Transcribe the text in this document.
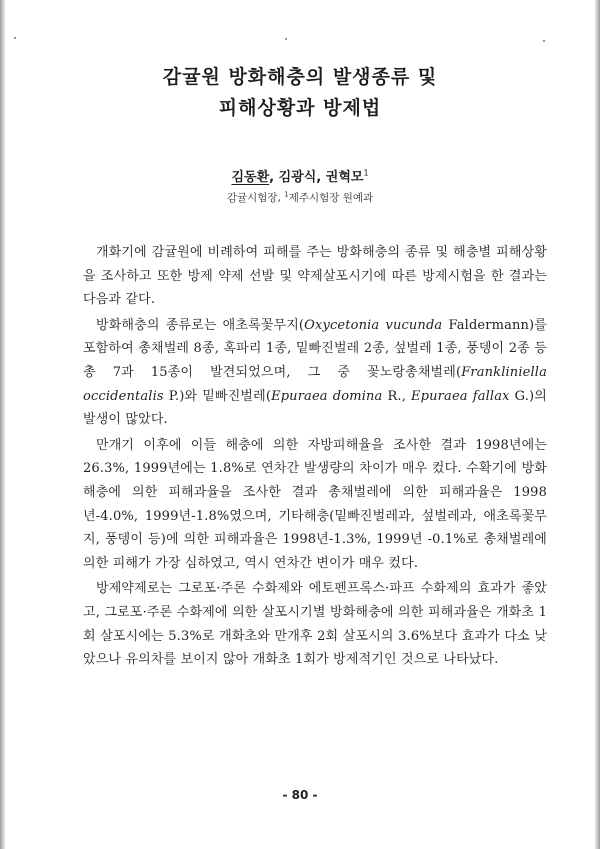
감귤원 방화해충의 발생종류 및
피해상황과 방제법
김동환, 김광식, 권혁모$^1$
감귤시험장, $^1$제주시험장 원예과

개화기에 감귤원에 비례하여 피해를 주는 방화해충의 종류 및 해충별 피해상황을 조사하고 또한 방제 약제 선발 및 약제살포시기에 따른 방제시험을 한 결과는 다음과 같다.

방화해충의 종류로는 애초록꽃무지(Oxycetonia vucunda Faldermann)를 포함하여 총채벌레 8종, 혹파리 1종, 밑빠진벌레 2종, 섶벌레 1종, 풍뎅이 2종 등 총 7과 15종이 발견되었으며, 그 중 꽃노랑총채벌레(Frankliniella occidentalis P.)와 밑빠진벌레(Epuraea domina R., Epuraea fallax G.)의 발생이 많았다.

만개기 이후에 이들 해충에 의한 자방피해율을 조사한 결과 1998년에는 26.3%, 1999년에는 1.8%로 연차간 발생량의 차이가 매우 컸다. 수확기에 방화해충에 의한 피해과율을 조사한 결과 총채벌레에 의한 피해과율은 1998년-4.0%, 1999년-1.8%였으며, 기타해충(밑빠진벌레과, 섶벌레과, 애초록꽃무지, 풍뎅이 등)에 의한 피해과율은 1998년-1.3%, 1999년 -0.1%로 총채벌레에 의한 피해가 가장 심하였고, 역시 연차간 변이가 매우 컸다.

방제약제로는 그로포·주론 수화제와 에토펜프록스·파프 수화제의 효과가 좋았고, 그로포·주론 수화제에 의한 살포시기별 방화해충에 의한 피해과율은 개화초 1회 살포시에는 5.3%로 개화초와 만개후 2회 살포시의 3.6%보다 효과가 다소 낮았으나 유의차를 보이지 않아 개화초 1회가 방제적기인 것으로 나타났다.

- 80 -
